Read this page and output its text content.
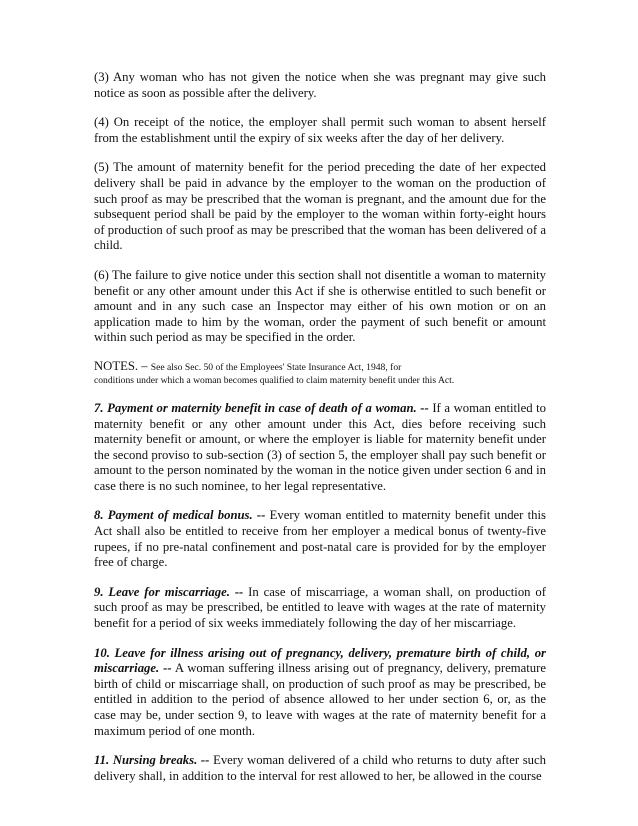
(3) Any woman who has not given the notice when she was pregnant may give such notice as soon as possible after the delivery.

(4) On receipt of the notice, the employer shall permit such woman to absent herself from the establishment until the expiry of six weeks after the day of her delivery.

(5) The amount of maternity benefit for the period preceding the date of her expected delivery shall be paid in advance by the employer to the woman on the production of such proof as may be prescribed that the woman is pregnant, and the amount due for the subsequent period shall be paid by the employer to the woman within forty-eight hours of production of such proof as may be prescribed that the woman has been delivered of a child.

(6) The failure to give notice under this section shall not disentitle a woman to maternity benefit or any other amount under this Act if she is otherwise entitled to such benefit or amount and in any such case an Inspector may either of his own motion or on an application made to him by the woman, order the payment of such benefit or amount within such period as may be specified in the order.

NOTES. – See also Sec. 50 of the Employees' State Insurance Act, 1948, for
conditions under which a woman becomes qualified to claim maternity benefit under this Act.

7. Payment or maternity benefit in case of death of a woman. -- If a woman entitled to maternity benefit or any other amount under this Act, dies before receiving such maternity benefit or amount, or where the employer is liable for maternity benefit under the second proviso to sub-section (3) of section 5, the employer shall pay such benefit or amount to the person nominated by the woman in the notice given under section 6 and in case there is no such nominee, to her legal representative.

8. Payment of medical bonus. -- Every woman entitled to maternity benefit under this Act shall also be entitled to receive from her employer a medical bonus of twenty-five rupees, if no pre-natal confinement and post-natal care is provided for by the employer free of charge.

9. Leave for miscarriage. -- In case of miscarriage, a woman shall, on production of such proof as may be prescribed, be entitled to leave with wages at the rate of maternity benefit for a period of six weeks immediately following the day of her miscarriage.

10. Leave for illness arising out of pregnancy, delivery, premature birth of child, or miscarriage. -- A woman suffering illness arising out of pregnancy, delivery, premature birth of child or miscarriage shall, on production of such proof as may be prescribed, be entitled in addition to the period of absence allowed to her under section 6, or, as the case may be, under section 9, to leave with wages at the rate of maternity benefit for a maximum period of one month.

11. Nursing breaks. -- Every woman delivered of a child who returns to duty after such delivery shall, in addition to the interval for rest allowed to her, be allowed in the course
